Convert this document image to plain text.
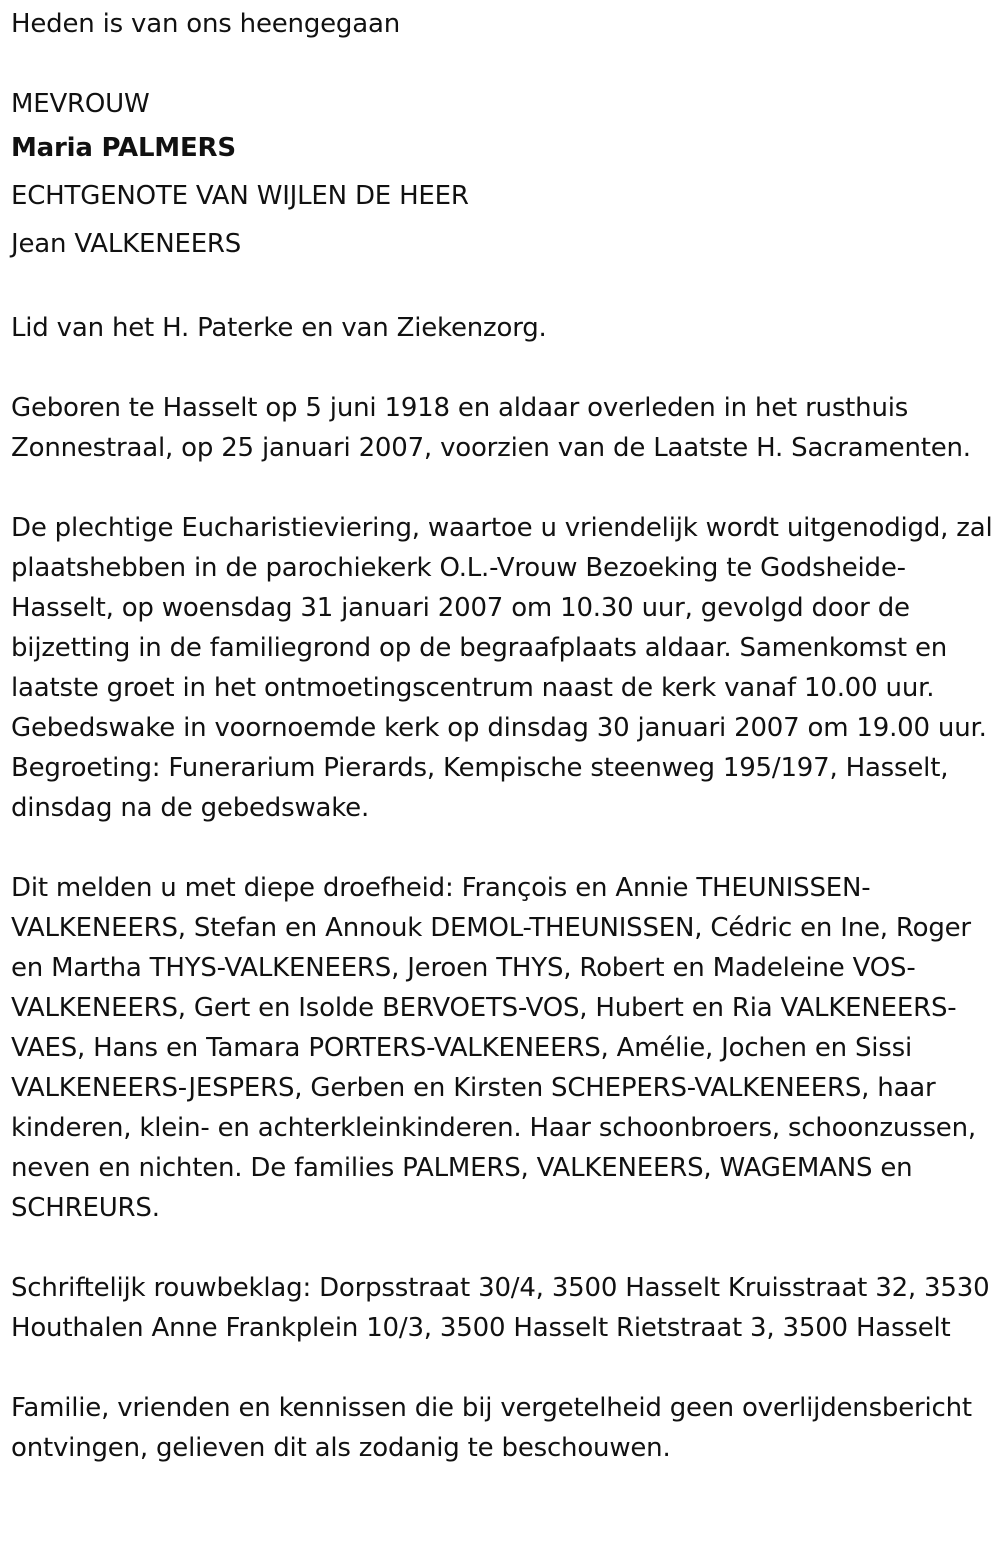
Heden is van ons heengegaan

MEVROUW

Maria PALMERS

ECHTGENOTE VAN WIJLEN DE HEER

Jean VALKENEERS

Lid van het H. Paterke en van Ziekenzorg.

Geboren te Hasselt op 5 juni 1918 en aldaar overleden in het rusthuis Zonnestraal, op 25 januari 2007, voorzien van de Laatste H. Sacramenten.

De plechtige Eucharistieviering, waartoe u vriendelijk wordt uitgenodigd, zal plaatshebben in de parochiekerk O.L.-Vrouw Bezoeking te Godsheide-Hasselt, op woensdag 31 januari 2007 om 10.30 uur, gevolgd door de bijzetting in de familiegrond op de begraafplaats aldaar. Samenkomst en laatste groet in het ontmoetingscentrum naast de kerk vanaf 10.00 uur. Gebedswake in voornoemde kerk op dinsdag 30 januari 2007 om 19.00 uur. Begroeting: Funerarium Pierards, Kempische steenweg 195/197, Hasselt, dinsdag na de gebedswake.

Dit melden u met diepe droefheid: François en Annie THEUNISSEN-VALKENEERS, Stefan en Annouk DEMOL-THEUNISSEN, Cédric en Ine, Roger en Martha THYS-VALKENEERS, Jeroen THYS, Robert en Madeleine VOS-VALKENEERS, Gert en Isolde BERVOETS-VOS, Hubert en Ria VALKENEERS-VAES, Hans en Tamara PORTERS-VALKENEERS, Amélie, Jochen en Sissi VALKENEERS-JESPERS, Gerben en Kirsten SCHEPERS-VALKENEERS, haar kinderen, klein- en achterkleinkinderen. Haar schoonbroers, schoonzussen, neven en nichten. De families PALMERS, VALKENEERS, WAGEMANS en SCHREURS.

Schriftelijk rouwbeklag: Dorpsstraat 30/4, 3500 Hasselt Kruisstraat 32, 3530 Houthalen Anne Frankplein 10/3, 3500 Hasselt Rietstraat 3, 3500 Hasselt

Familie, vrienden en kennissen die bij vergetelheid geen overlijdensbericht ontvingen, gelieven dit als zodanig te beschouwen.
